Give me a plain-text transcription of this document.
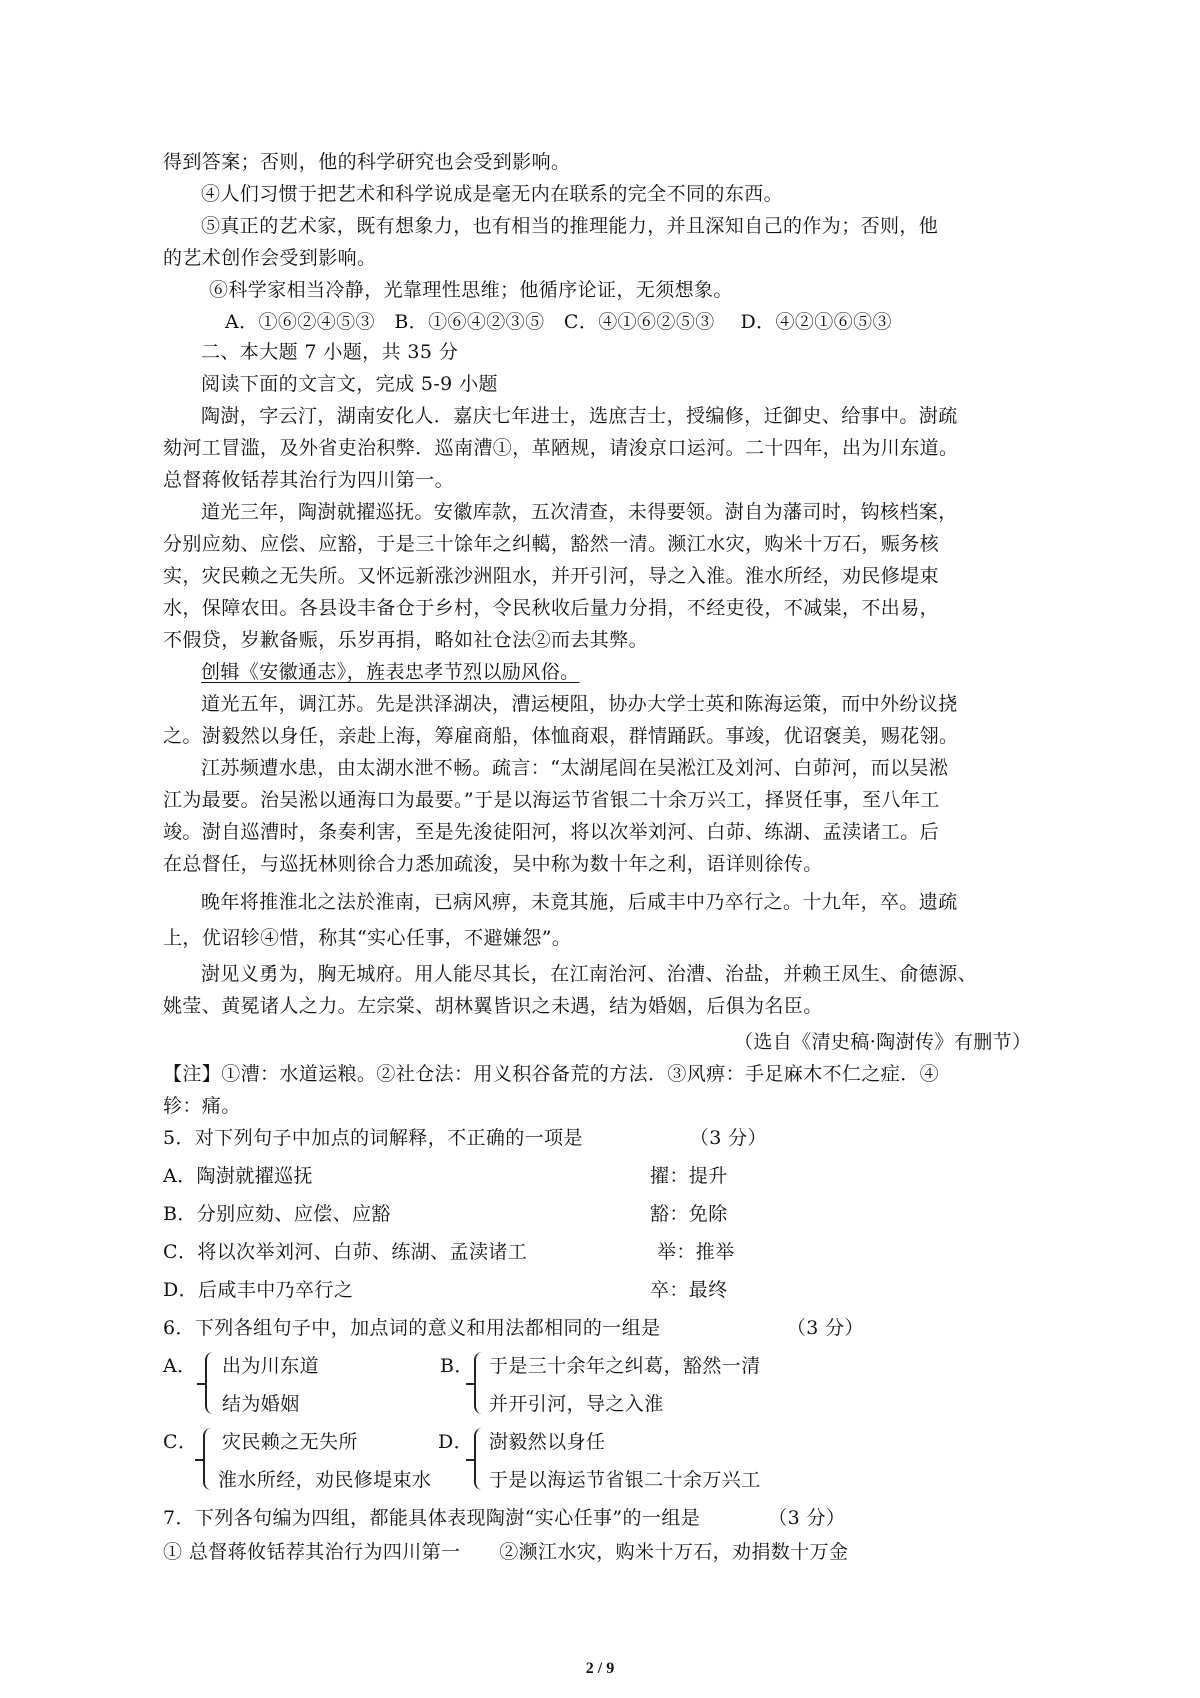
得到答案；否则，他的科学研究也会受到影响。
④人们习惯于把艺术和科学说成是毫无内在联系的完全不同的东西。
⑤真正的艺术家，既有想象力，也有相当的推理能力，并且深知自己的作为；否则，他
的艺术创作会受到影响。
⑥科学家相当冷静，光靠理性思维；他循序论证，无须想象。
A．①⑥②④⑤③　B．①⑥④②③⑤　C．④①⑥②⑤③　 D．④②①⑥⑤③
二、本大题 7 小题，共 35 分
阅读下面的文言文，完成 5-9 小题
陶澍，字云汀，湖南安化人．嘉庆七年进士，选庶吉士，授编修，迁御史、给事中。澍疏
劾河工冒滥，及外省吏治积弊．巡南漕①，革陋规，请浚京口运河。二十四年，出为川东道。
总督蒋攸铦荐其治行为四川第一。
道光三年，陶澍就擢巡抚。安徽库款，五次清查，未得要领。澍自为藩司时，钩核档案，
分别应劾、应偿、应豁，于是三十馀年之纠轕，豁然一清。濒江水灾，购米十万石，赈务核
实，灾民赖之无失所。又怀远新涨沙洲阻水，并开引河，导之入淮。淮水所经，劝民修堤束
水，保障农田。各县设丰备仓于乡村，令民秋收后量力分捐，不经吏役，不减粜，不出易，
不假贷，岁歉备赈，乐岁再捐，略如社仓法②而去其弊。
创辑《安徽通志》，旌表忠孝节烈以励风俗。
道光五年，调江苏。先是洪泽湖决，漕运梗阻，协办大学士英和陈海运策，而中外纷议挠
之。澍毅然以身任，亲赴上海，筹雇商船，体恤商艰，群情踊跃。事竣，优诏褒美，赐花翎。
江苏频遭水患，由太湖水泄不畅。疏言：“太湖尾闾在吴淞江及刘河、白茆河，而以吴淞
江为最要。治吴淞以通海口为最要。”于是以海运节省银二十余万兴工，择贤任事，至八年工
竣。澍自巡漕时，条奏利害，至是先浚徒阳河，将以次举刘河、白茆、练湖、孟渎诸工。后
在总督任，与巡抚林则徐合力悉加疏浚，吴中称为数十年之利，语详则徐传。
晚年将推淮北之法於淮南，已病风痹，未竟其施，后咸丰中乃卒行之。十九年，卒。遗疏
上，优诏轸④惜，称其“实心任事，不避嫌怨”。
澍见义勇为，胸无城府。用人能尽其长，在江南治河、治漕、治盐，并赖王凤生、俞德源、
姚莹、黄冕诸人之力。左宗棠、胡林翼皆识之未遇，结为婚姻，后俱为名臣。
（选自《清史稿·陶澍传》有删节）
【注】①漕：水道运粮。②社仓法：用义积谷备荒的方法．③风痹：手足麻木不仁之症．④
轸：痛。
5．对下列句子中加点的词解释，不正确的一项是　　　　　　（3 分）
A．陶澍就擢巡抚	擢：提升
B．分别应劾、应偿、应豁	豁：免除
C．将以次举刘河、白茆、练湖、孟渎诸工	举：推举
D．后咸丰中乃卒行之	卒：最终
6．下列各组句子中，加点词的意义和用法都相同的一组是　　　　　　　（3 分）
A． 出为川东道
结为婚姻
B． 于是三十余年之纠葛，豁然一清
并开引河，导之入淮
C． 灾民赖之无失所
淮水所经，劝民修堤束水
D． 澍毅然以身任
于是以海运节省银二十余万兴工
7．下列各句编为四组，都能具体表现陶澍“实心任事”的一组是　　　　（3 分）
① 总督蒋攸铦荐其治行为四川第一　　②濒江水灾，购米十万石，劝捐数十万金
2 / 9
